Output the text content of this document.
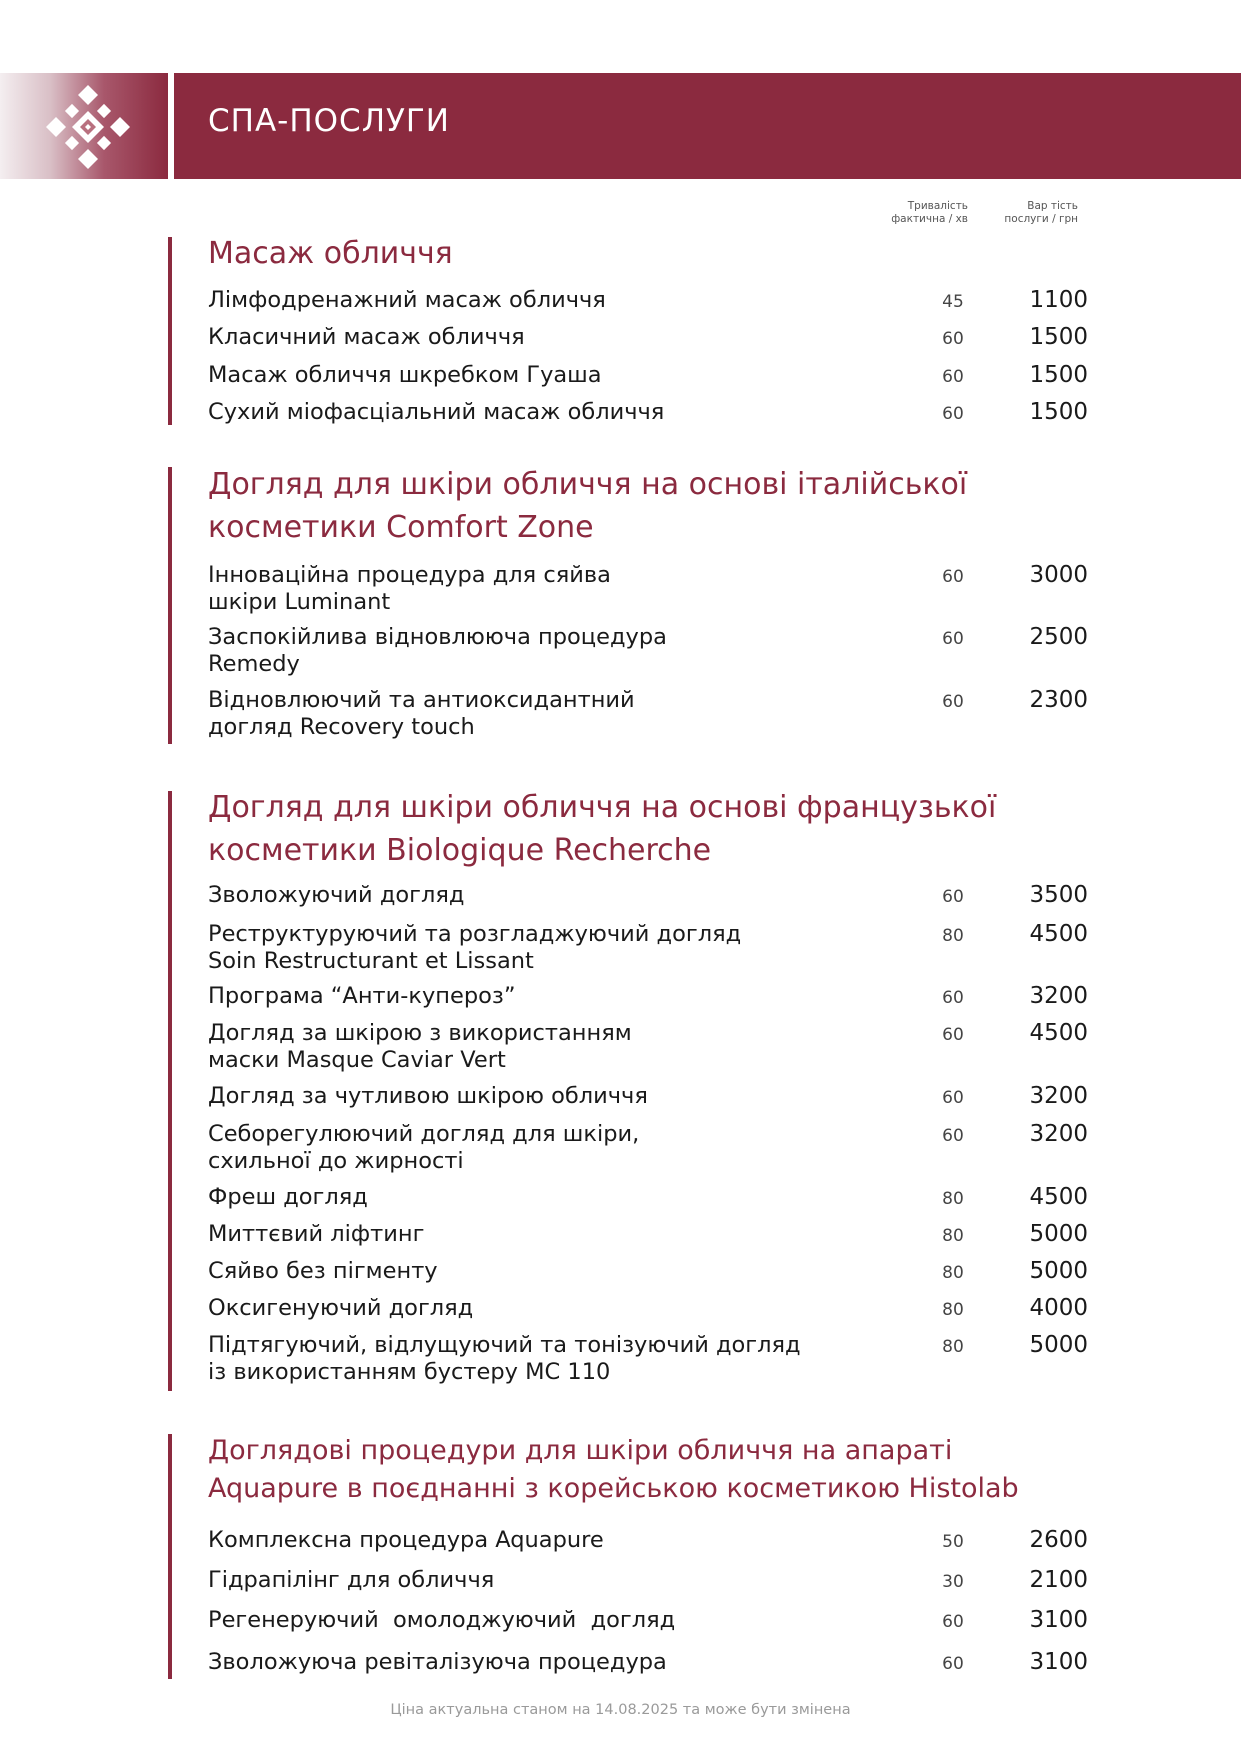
СПА-ПОСЛУГИ
Тривалість
фактична / хв
Вар тість
послуги / грн
Масаж обличчя
Лімфодренажний масаж обличчя	45	1100
Класичний масаж обличчя	60	1500
Масаж обличчя шкребком Гуаша	60	1500
Сухий міофасціальний масаж обличчя	60	1500
Догляд для шкіри обличчя на основі італійської
косметики Comfort Zone
Інноваційна процедура для сяйва
шкіри Luminant
60	3000
Заспокійлива відновлююча процедура
Remedy
60	2500
Відновлюючий та антиоксидантний
догляд Recovery touch
60	2300
Догляд для шкіри обличчя на основі французької
косметики Biologique Recherche
Зволожуючий догляд	60	3500
Реструктуруючий та розгладжуючий догляд
Soin Restructurant et Lissant
80	4500
Програма “Анти-купероз”	60	3200
Догляд за шкірою з використанням
маски Masque Caviar Vert
60	4500
Догляд за чутливою шкірою обличчя	60	3200
Себорегулюючий догляд для шкіри,
схильної до жирності
60	3200
Фреш догляд	80	4500
Миттєвий ліфтинг	80	5000
Сяйво без пігменту	80	5000
Оксигенуючий догляд	80	4000
Підтягуючий, відлущуючий та тонізуючий догляд
із використанням бустеру МС 110
80	5000
Доглядові процедури для шкіри обличчя на апараті
Aquapure в поєднанні з корейською косметикою Histolab
Комплексна процедура Aquapure	50	2600
Гідрапілінг для обличчя	30	2100
Регенеруючий  омолоджуючий  догляд	60	3100
Зволожуюча ревіталізуюча процедура	60	3100
Ціна актуальна станом на 14.08.2025 та може бути змінена
